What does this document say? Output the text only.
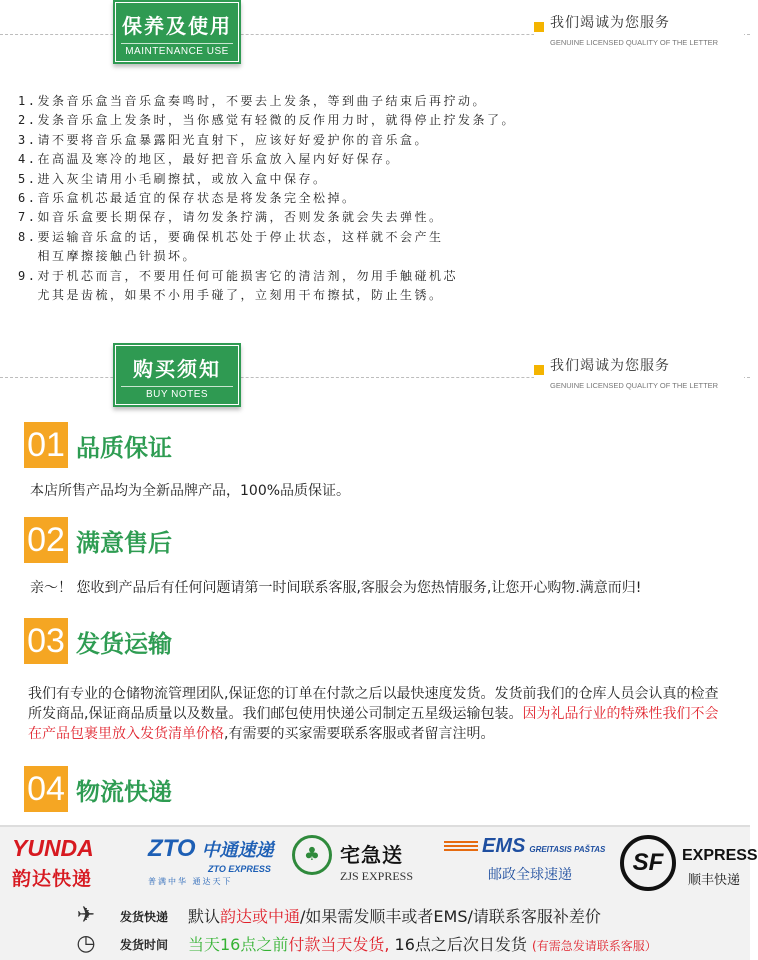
保养及使用
MAINTENANCE USE
我们竭诚为您服务
GENUINE LICENSED QUALITY OF THE LETTER
1.发条音乐盒当音乐盒奏鸣时，不要去上发条，等到曲子结束后再拧动。
2.发条音乐盒上发条时，当你感觉有轻微的反作用力时，就得停止拧发条了。
3.请不要将音乐盒暴露阳光直射下，应该好好爱护你的音乐盒。
4.在高温及寒冷的地区，最好把音乐盒放入屋内好好保存。
5.进入灰尘请用小毛刷擦拭，或放入盒中保存。
6.音乐盒机芯最适宜的保存状态是将发条完全松掉。
7.如音乐盒要长期保存，请勿发条拧满，否则发条就会失去弹性。
8.要运输音乐盒的话，要确保机芯处于停止状态，这样就不会产生
相互摩擦接触凸针损坏。
9.对于机芯而言，不要用任何可能损害它的清洁剂，勿用手触碰机芯
尤其是齿梳，如果不小用手碰了，立刻用干布擦拭，防止生锈。
购买须知
BUY NOTES
我们竭诚为您服务
GENUINE LICENSED QUALITY OF THE LETTER
01 品质保证
本店所售产品均为全新品牌产品，100%品质保证。
02 满意售后
亲～！ 您收到产品后有任何问题请第一时间联系客服,客服会为您热情服务,让您开心购物.满意而归!
03 发货运输
我们有专业的仓储物流管理团队,保证您的订单在付款之后以最快速度发货。发货前我们的仓库人员会认真的检查所发商品,保证商品质量以及数量。我们邮包使用快递公司制定五星级运输包装。因为礼品行业的特殊性我们不会在产品包裹里放入发货清单价格,有需要的买家需要联系客服或者留言注明。
04 物流快递
YUNDA
韵达快递
ZTO 中通速递
ZTO EXPRESS
普满中华 通达天下
♣ 宅急送
ZJS EXPRESS
EMS GREITASIS PAŠTAS
邮政全球速递	SF	EXPRESS
顺丰快递
✈	发货快递 默认韵达或中通/如果需发顺丰或者EMS/请联系客服补差价
◷	发货时间 当天16点之前付款当天发货, 16点之后次日发货 (有需急发请联系客服）
